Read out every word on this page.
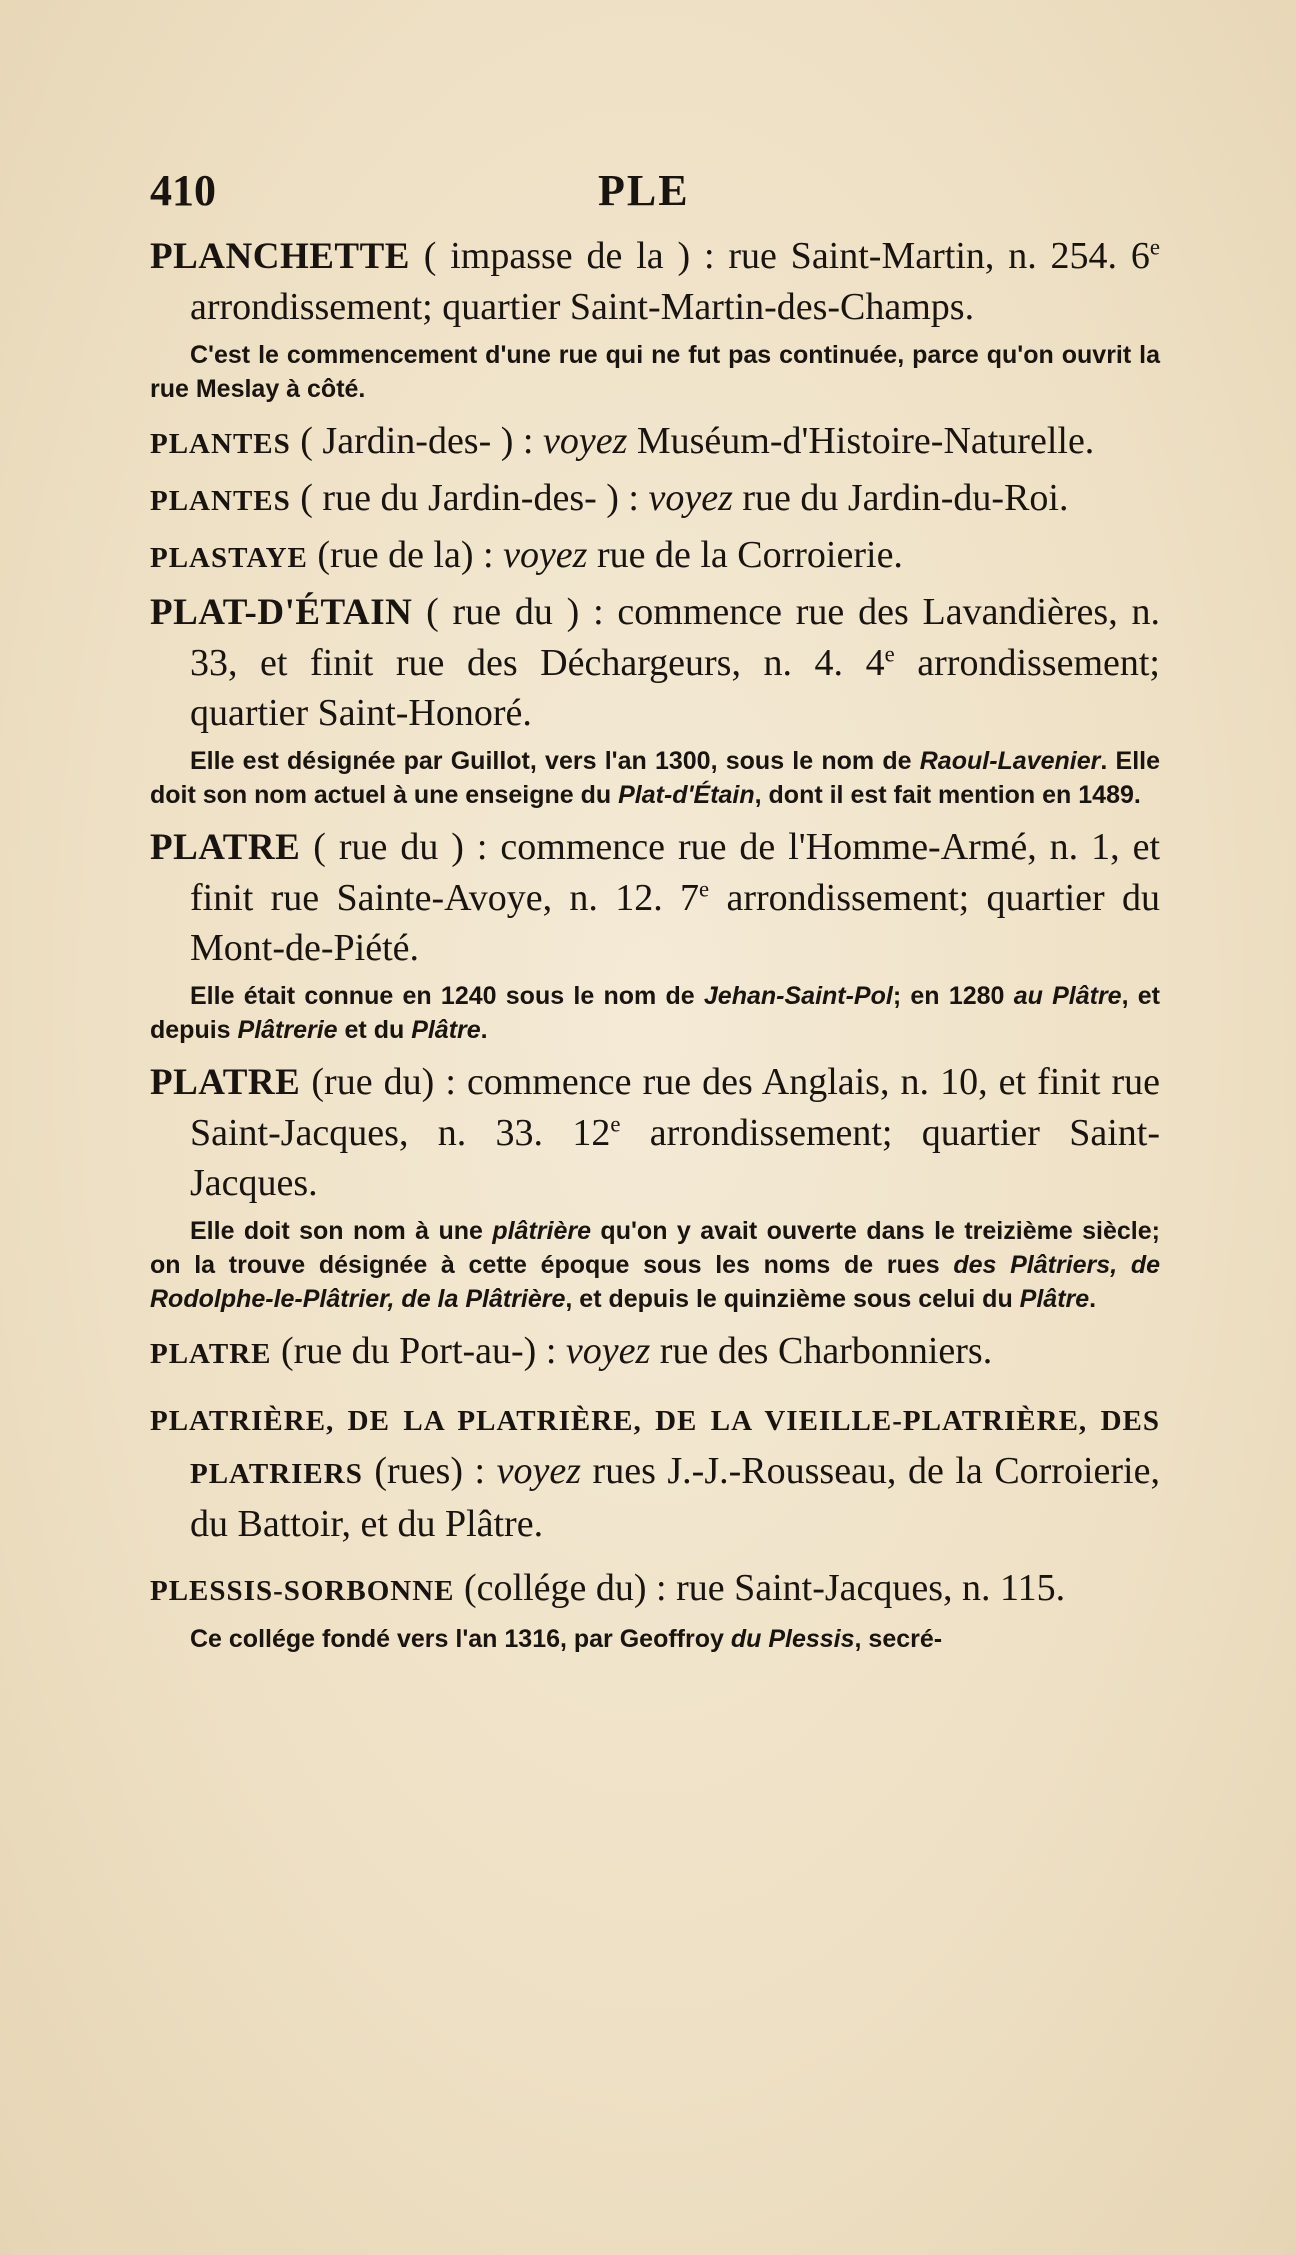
410	PLE
PLANCHETTE ( impasse de la ) : rue Saint-Martin, n. 254. 6e arrondissement; quartier Saint-Martin-des-Champs.
C'est le commencement d'une rue qui ne fut pas continuée, parce qu'on ouvrit la rue Meslay à côté.
PLANTES ( Jardin-des- ) : voyez Muséum-d'Histoire-Naturelle.
PLANTES ( rue du Jardin-des- ) : voyez rue du Jardin-du-Roi.
PLASTAYE (rue de la) : voyez rue de la Corroierie.
PLAT-D'ÉTAIN ( rue du ) : commence rue des Lavandières, n. 33, et finit rue des Déchargeurs, n. 4. 4e arrondissement; quartier Saint-Honoré.
Elle est désignée par Guillot, vers l'an 1300, sous le nom de Raoul-Lavenier. Elle doit son nom actuel à une enseigne du Plat-d'Étain, dont il est fait mention en 1489.
PLATRE ( rue du ) : commence rue de l'Homme-Armé, n. 1, et finit rue Sainte-Avoye, n. 12. 7e arrondissement; quartier du Mont-de-Piété.
Elle était connue en 1240 sous le nom de Jehan-Saint-Pol; en 1280 au Plâtre, et depuis Plâtrerie et du Plâtre.
PLATRE (rue du) : commence rue des Anglais, n. 10, et finit rue Saint-Jacques, n. 33. 12e arrondissement; quartier Saint-Jacques.
Elle doit son nom à une plâtrière qu'on y avait ouverte dans le treizième siècle; on la trouve désignée à cette époque sous les noms de rues des Plâtriers, de Rodolphe-le-Plâtrier, de la Plâtrière, et depuis le quinzième sous celui du Plâtre.
PLATRE (rue du Port-au-) : voyez rue des Charbonniers.
PLATRIÈRE, DE LA PLATRIÈRE, DE LA VIEILLE-PLATRIÈRE, DES PLATRIERS (rues) : voyez rues J.-J.-Rousseau, de la Corroierie, du Battoir, et du Plâtre.
PLESSIS-SORBONNE (collége du) : rue Saint-Jacques, n. 115.
Ce collége fondé vers l'an 1316, par Geoffroy du Plessis, secré-
